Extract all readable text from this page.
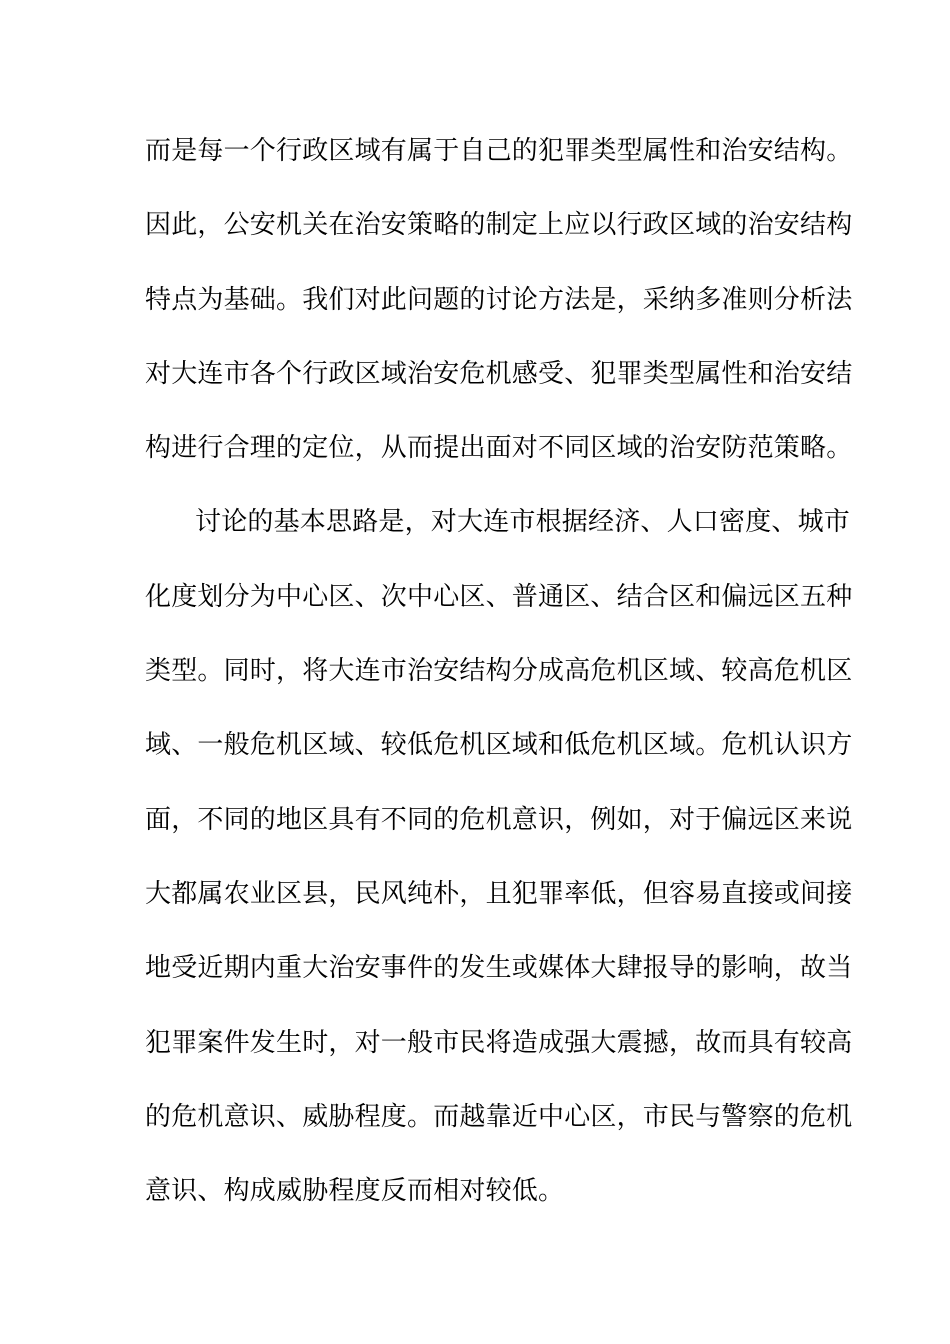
而是每一个行政区域有属于自己的犯罪类型属性和治安结构。
因此，公安机关在治安策略的制定上应以行政区域的治安结构
特点为基础。我们对此问题的讨论方法是，采纳多准则分析法
对大连市各个行政区域治安危机感受、犯罪类型属性和治安结
构进行合理的定位，从而提出面对不同区域的治安防范策略。
讨论的基本思路是，对大连市根据经济、人口密度、城市
化度划分为中心区、次中心区、普通区、结合区和偏远区五种
类型。同时，将大连市治安结构分成高危机区域、较高危机区
域、一般危机区域、较低危机区域和低危机区域。危机认识方
面，不同的地区具有不同的危机意识，例如，对于偏远区来说
大都属农业区县，民风纯朴，且犯罪率低，但容易直接或间接
地受近期内重大治安事件的发生或媒体大肆报导的影响，故当
犯罪案件发生时，对一般市民将造成强大震撼，故而具有较高
的危机意识、威胁程度。而越靠近中心区，市民与警察的危机
意识、构成威胁程度反而相对较低。
